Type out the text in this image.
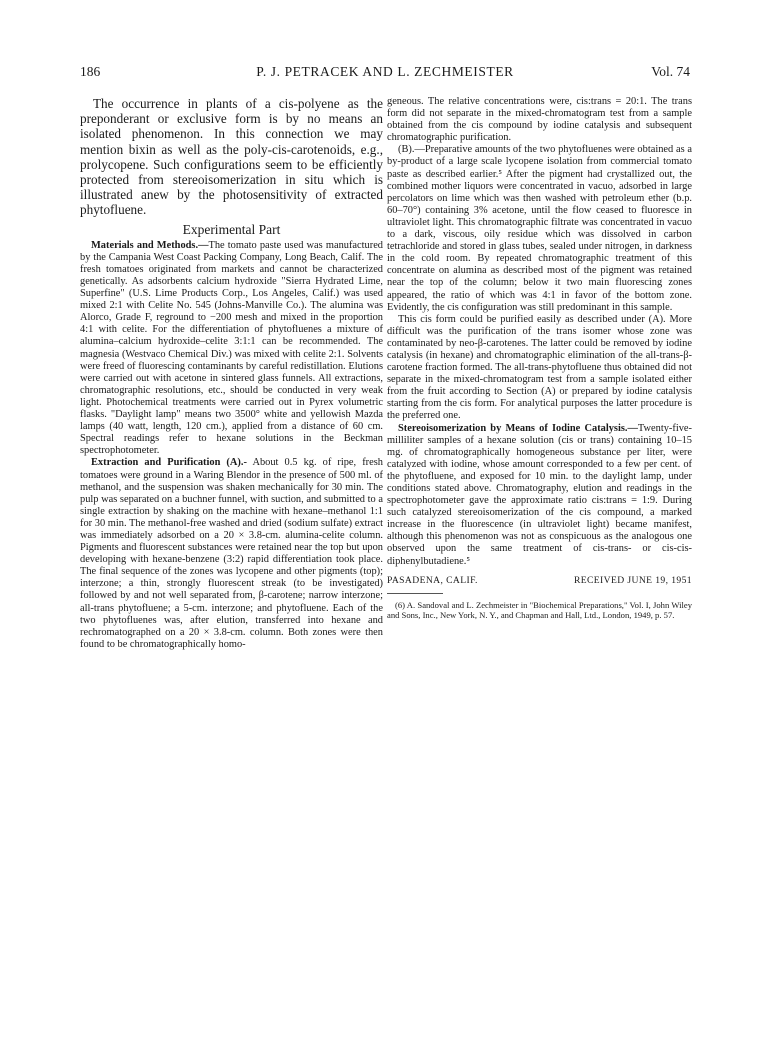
186	P. J. PETRACEK AND L. ZECHMEISTER	Vol. 74

The occurrence in plants of a cis-polyene as the preponderant or exclusive form is by no means an isolated phenomenon. In this connection we may mention bixin as well as the poly-cis-carotenoids, e.g., prolycopene. Such configurations seem to be efficiently protected from stereoisomerization in situ which is illustrated anew by the photosensitivity of extracted phytofluene.

Experimental Part

Materials and Methods.—The tomato paste used was manufactured by the Campania West Coast Packing Company, Long Beach, Calif. The fresh tomatoes originated from markets and cannot be characterized genetically. As adsorbents calcium hydroxide "Sierra Hydrated Lime, Superfine" (U.S. Lime Products Corp., Los Angeles, Calif.) was used mixed 2:1 with Celite No. 545 (Johns-Manville Co.). The alumina was Alorco, Grade F, reground to −200 mesh and mixed in the proportion 4:1 with celite. For the differentiation of phytofluenes a mixture of alumina–calcium hydroxide–celite 3:1:1 can be recommended. The magnesia (Westvaco Chemical Div.) was mixed with celite 2:1. Solvents were freed of fluorescing contaminants by careful redistillation. Elutions were carried out with acetone in sintered glass funnels. All extractions, chromatographic resolutions, etc., should be conducted in very weak light. Photochemical treatments were carried out in Pyrex volumetric flasks. "Daylight lamp" means two 3500° white and yellowish Mazda lamps (40 watt, length, 120 cm.), applied from a distance of 60 cm. Spectral readings refer to hexane solutions in the Beckman spectrophotometer.

Extraction and Purification (A).- About 0.5 kg. of ripe, fresh tomatoes were ground in a Waring Blendor in the presence of 500 ml. of methanol, and the suspension was shaken mechanically for 30 min. The pulp was separated on a buchner funnel, with suction, and submitted to a single extraction by shaking on the machine with hexane–methanol 1:1 for 30 min. The methanol-free washed and dried (sodium sulfate) extract was immediately adsorbed on a 20 × 3.8-cm. alumina-celite column. Pigments and fluorescent substances were retained near the top but upon developing with hexane-benzene (3:2) rapid differentiation took place. The final sequence of the zones was lycopene and other pigments (top); interzone; a thin, strongly fluorescent streak (to be investigated) followed by and not well separated from, β-carotene; narrow interzone; all-trans phytofluene; a 5-cm. interzone; and phytofluene. Each of the two phytofluenes was, after elution, transferred into hexane and rechromatographed on a 20 × 3.8-cm. column. Both zones were then found to be chromatographically homo-

geneous. The relative concentrations were, cis:trans = 20:1. The trans form did not separate in the mixed-chromatogram test from a sample obtained from the cis compound by iodine catalysis and subsequent chromatographic purification.

(B).—Preparative amounts of the two phytofluenes were obtained as a by-product of a large scale lycopene isolation from commercial tomato paste as described earlier.⁵ After the pigment had crystallized out, the combined mother liquors were concentrated in vacuo, adsorbed in large percolators on lime which was then washed with petroleum ether (b.p. 60–70°) containing 3% acetone, until the flow ceased to fluoresce in ultraviolet light. This chromatographic filtrate was concentrated in vacuo to a dark, viscous, oily residue which was dissolved in carbon tetrachloride and stored in glass tubes, sealed under nitrogen, in darkness in the cold room. By repeated chromatographic treatment of this concentrate on alumina as described most of the pigment was retained near the top of the column; below it two main fluorescing zones appeared, the ratio of which was 4:1 in favor of the bottom zone. Evidently, the cis configuration was still predominant in this sample.

This cis form could be purified easily as described under (A). More difficult was the purification of the trans isomer whose zone was contaminated by neo-β-carotenes. The latter could be removed by iodine catalysis (in hexane) and chromatographic elimination of the all-trans-β-carotene fraction formed. The all-trans-phytofluene thus obtained did not separate in the mixed-chromatogram test from a sample isolated either from the fruit according to Section (A) or prepared by iodine catalysis starting from the cis form. For analytical purposes the latter procedure is the preferred one.

Stereoisomerization by Means of Iodine Catalysis.—Twenty-five-milliliter samples of a hexane solution (cis or trans) containing 10–15 mg. of chromatographically homogeneous substance per liter, were catalyzed with iodine, whose amount corresponded to a few per cent. of the phytofluene, and exposed for 10 min. to the daylight lamp, under conditions stated above. Chromatography, elution and readings in the spectrophotometer gave the approximate ratio cis:trans = 1:9. During such catalyzed stereoisomerization of the cis compound, a marked increase in the fluorescence (in ultraviolet light) became manifest, although this phenomenon was not as conspicuous as the analogous one observed upon the same treatment of cis-trans- or cis-cis-diphenylbutadiene.⁵

PASADENA, CALIF.	RECEIVED JUNE 19, 1951

(6) A. Sandoval and L. Zechmeister in "Biochemical Preparations," Vol. I, John Wiley and Sons, Inc., New York, N. Y., and Chapman and Hall, Ltd., London, 1949, p. 57.
